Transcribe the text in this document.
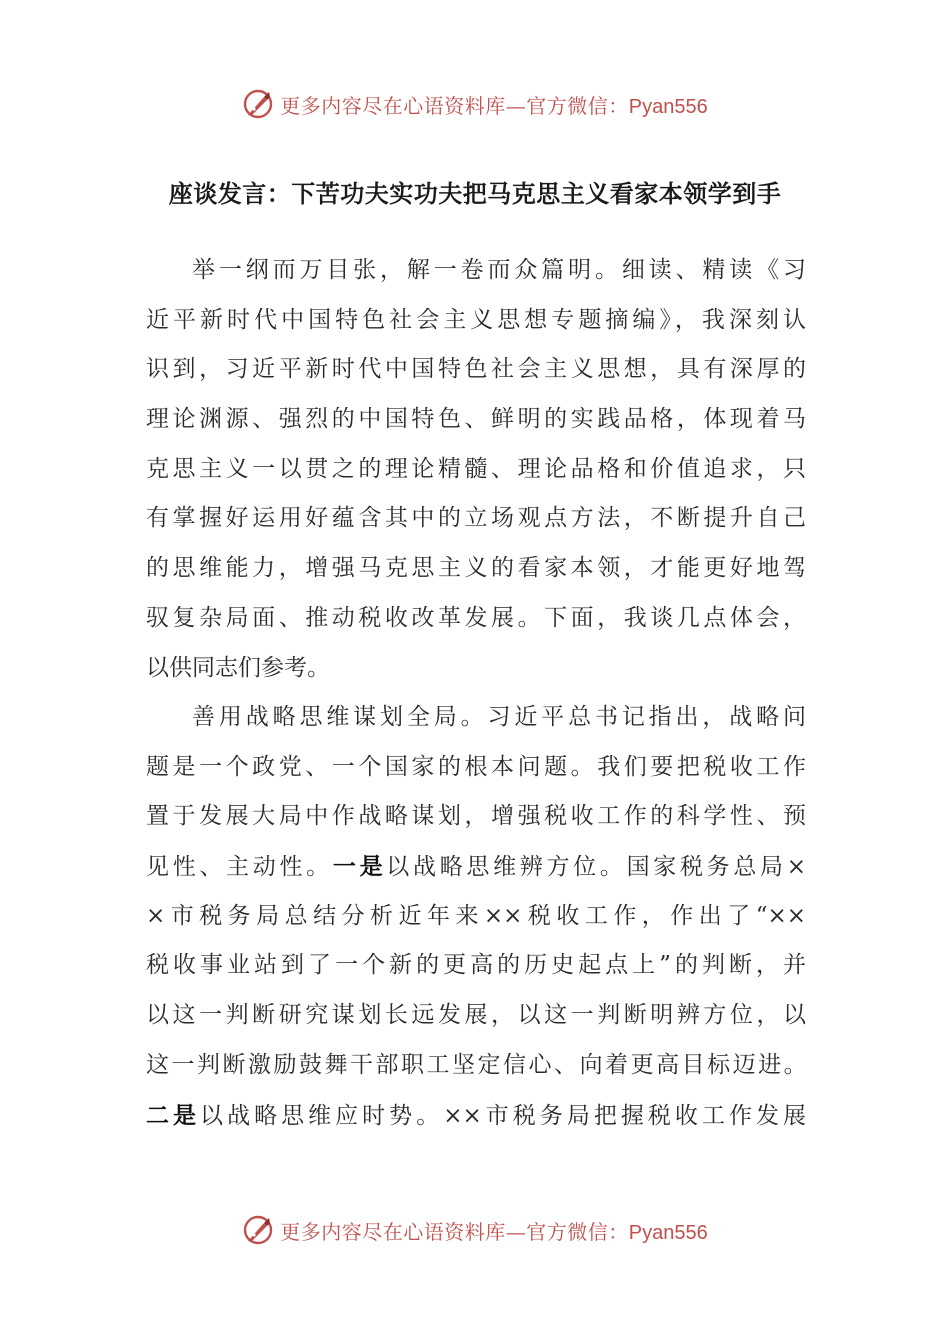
更多内容尽在心语资料库—官方微信：Pyan556
座谈发言：下苦功夫实功夫把马克思主义看家本领学到手
举一纲而万目张，解一卷而众篇明。细读、精读《习
近平新时代中国特色社会主义思想专题摘编》，我深刻认
识到，习近平新时代中国特色社会主义思想，具有深厚的
理论渊源、强烈的中国特色、鲜明的实践品格，体现着马
克思主义一以贯之的理论精髓、理论品格和价值追求，只
有掌握好运用好蕴含其中的立场观点方法，不断提升自己
的思维能力，增强马克思主义的看家本领，才能更好地驾
驭复杂局面、推动税收改革发展。下面，我谈几点体会，
以供同志们参考。
善用战略思维谋划全局。习近平总书记指出，战略问
题是一个政党、一个国家的根本问题。我们要把税收工作
置于发展大局中作战略谋划，增强税收工作的科学性、预
见性、主动性。一是以战略思维辨方位。国家税务总局×
×市税务局总结分析近年来××税收工作，作出了“××
税收事业站到了一个新的更高的历史起点上”的判断，并
以这一判断研究谋划长远发展，以这一判断明辨方位，以
这一判断激励鼓舞干部职工坚定信心、向着更高目标迈进。
二是以战略思维应时势。××市税务局把握税收工作发展
更多内容尽在心语资料库—官方微信：Pyan556
